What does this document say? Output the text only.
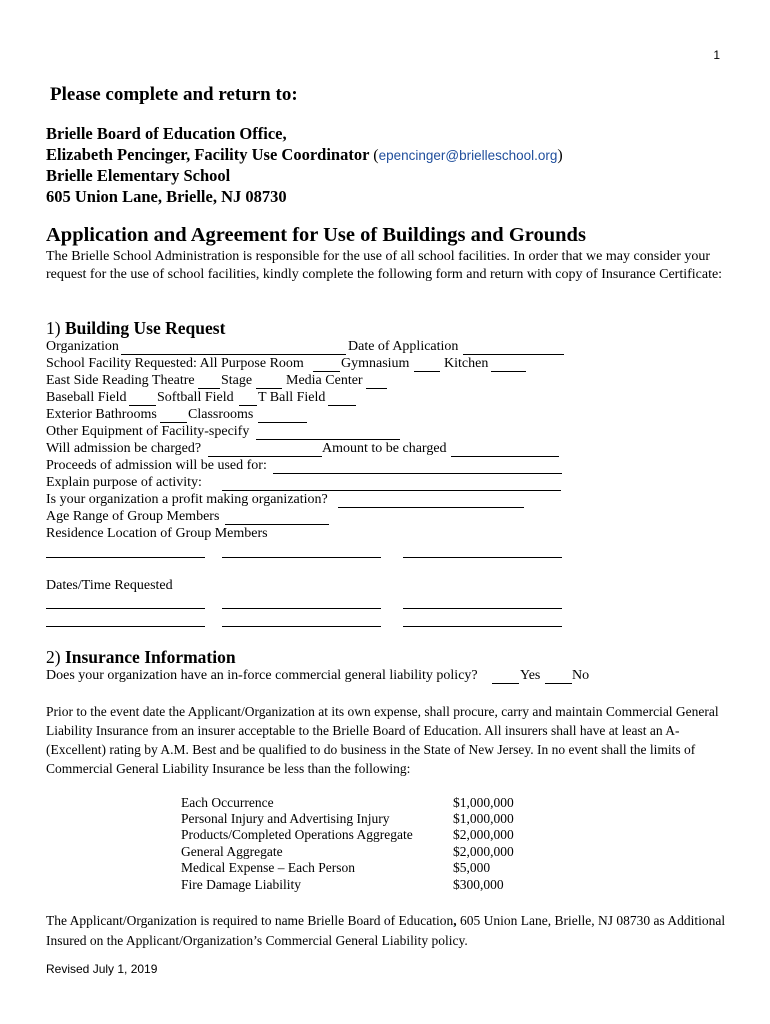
1
Please complete and return to:
Brielle Board of Education Office,
Elizabeth Pencinger, Facility Use Coordinator (epencinger@brielleschool.org)
Brielle Elementary School
605 Union Lane, Brielle, NJ 08730
Application and Agreement for Use of Buildings and Grounds
The Brielle School Administration is responsible for the use of all school facilities. In order that we may consider your request for the use of school facilities, kindly complete the following form and return with copy of Insurance Certificate:
1) Building Use Request
Organization	Date of Application
School Facility Requested: All Purpose Room	Gymnasium Kitchen
East Side Reading Theatre Stage Media Center
Baseball Field Softball Field T Ball Field
Exterior Bathrooms Classrooms
Other Equipment of Facility-specify
Will admission be charged?	Amount to be charged
Proceeds of admission will be used for:
Explain purpose of activity:
Is your organization a profit making organization?
Age Range of Group Members
Residence Location of Group Members
Dates/Time Requested
2) Insurance Information
Does your organization have an in-force commercial general liability policy?	Yes No
Prior to the event date the Applicant/Organization at its own expense, shall procure, carry and maintain Commercial General Liability Insurance from an insurer acceptable to the Brielle Board of Education. All insurers shall have at least an A- (Excellent) rating by A.M. Best and be qualified to do business in the State of New Jersey. In no event shall the limits of Commercial General Liability Insurance be less than the following:
Each Occurrence	$1,000,000
Personal Injury and Advertising Injury	$1,000,000
Products/Completed Operations Aggregate	$2,000,000
General Aggregate	$2,000,000
Medical Expense – Each Person	$5,000
Fire Damage Liability	$300,000
The Applicant/Organization is required to name Brielle Board of Education, 605 Union Lane, Brielle, NJ 08730 as Additional Insured on the Applicant/Organization’s Commercial General Liability policy.
Revised July 1, 2019
